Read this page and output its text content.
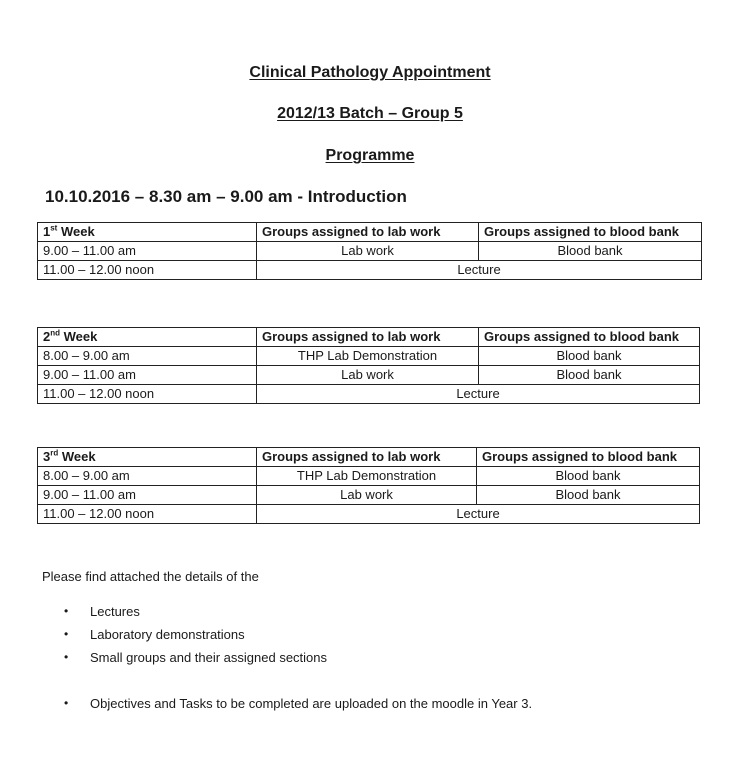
Clinical Pathology Appointment
2012/13 Batch – Group 5
Programme
10.10.2016 – 8.30 am – 9.00 am - Introduction
1st Week	Groups assigned to lab work	Groups assigned to blood bank
9.00 – 11.00 am	Lab work	Blood bank
11.00 – 12.00 noon	Lecture	
2nd Week	Groups assigned to lab work	Groups assigned to blood bank
8.00 – 9.00 am	THP Lab Demonstration	Blood bank
9.00 – 11.00 am	Lab work	Blood bank
11.00 – 12.00 noon	Lecture	
3rd Week	Groups assigned to lab work	Groups assigned to blood bank
8.00 – 9.00 am	THP Lab Demonstration	Blood bank
9.00 – 11.00 am	Lab work	Blood bank
11.00 – 12.00 noon	Lecture	
Please find attached the details of the
• Lectures
• Laboratory demonstrations
• Small groups and their assigned sections
• Objectives and Tasks to be completed are uploaded on the moodle in Year 3.
